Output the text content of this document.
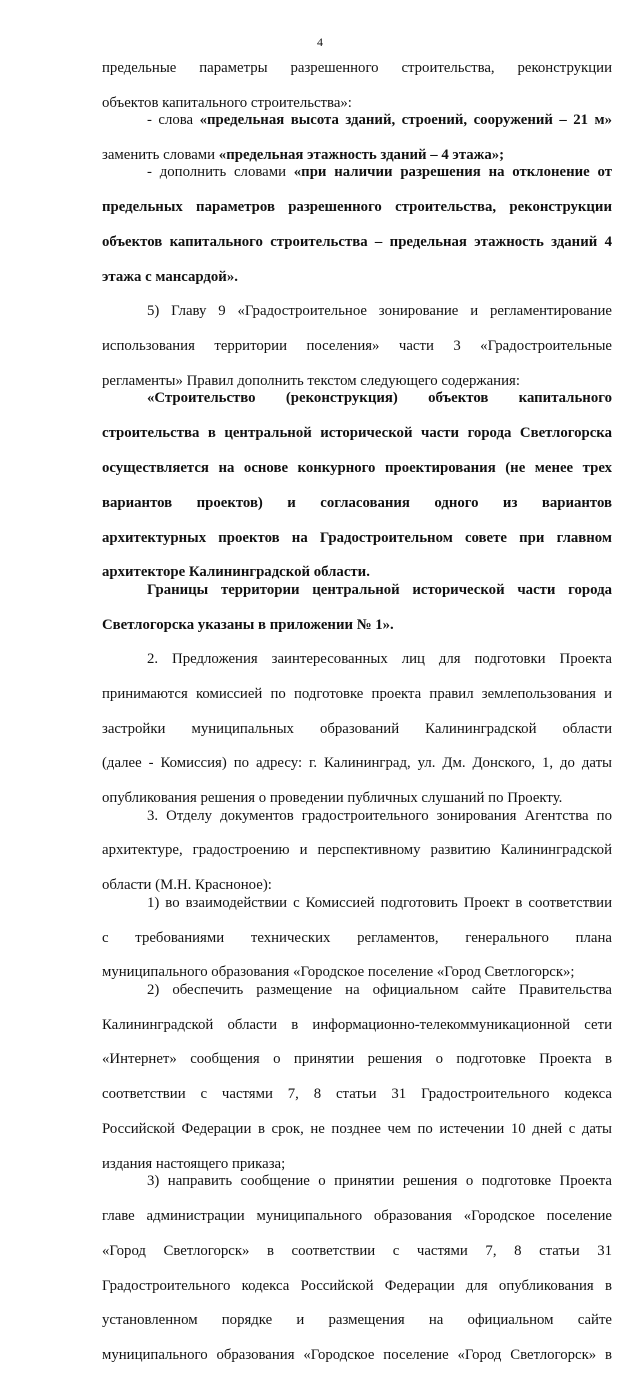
4
предельные параметры разрешенного строительства, реконструкции
объектов капитального строительства»:
- слова «предельная высота зданий, строений, сооружений – 21 м»
заменить словами «предельная этажность зданий – 4 этажа»;
- дополнить словами «при наличии разрешения на отклонение от
предельных параметров разрешенного строительства, реконструкции
объектов капитального строительства – предельная этажность зданий 4
этажа с мансардой».
5) Главу 9 «Градостроительное зонирование и регламентирование
использования территории поселения» части 3 «Градостроительные
регламенты» Правил дополнить текстом следующего содержания:
«Строительство (реконструкция) объектов капитального
строительства в центральной исторической части города Светлогорска
осуществляется на основе конкурного проектирования (не менее трех
вариантов проектов) и согласования одного из вариантов
архитектурных проектов на Градостроительном совете при главном
архитекторе Калининградской области.
Границы территории центральной исторической части города
Светлогорска указаны в приложении № 1».
2. Предложения заинтересованных лиц для подготовки Проекта
принимаются комиссией по подготовке проекта правил землепользования и
застройки муниципальных образований Калининградской области
(далее - Комиссия) по адресу: г. Калининград, ул. Дм. Донского, 1, до даты
опубликования решения о проведении публичных слушаний по Проекту.
3. Отделу документов градостроительного зонирования Агентства по
архитектуре, градостроению и перспективному развитию Калининградской
области (М.Н. Красноное):
1) во взаимодействии с Комиссией подготовить Проект в соответствии
с требованиями технических регламентов, генерального плана
муниципального образования «Городское поселение «Город Светлогорск»;
2) обеспечить размещение на официальном сайте Правительства
Калининградской области в информационно-телекоммуникационной сети
«Интернет» сообщения о принятии решения о подготовке Проекта в
соответствии с частями 7, 8 статьи 31 Градостроительного кодекса
Российской Федерации в срок, не позднее чем по истечении 10 дней с даты
издания настоящего приказа;
3) направить сообщение о принятии решения о подготовке Проекта
главе администрации муниципального образования «Городское поселение
«Город Светлогорск» в соответствии с частями 7, 8 статьи 31
Градостроительного кодекса Российской Федерации для опубликования в
установленном порядке и размещения на официальном сайте
муниципального образования «Городское поселение «Город Светлогорск» в
